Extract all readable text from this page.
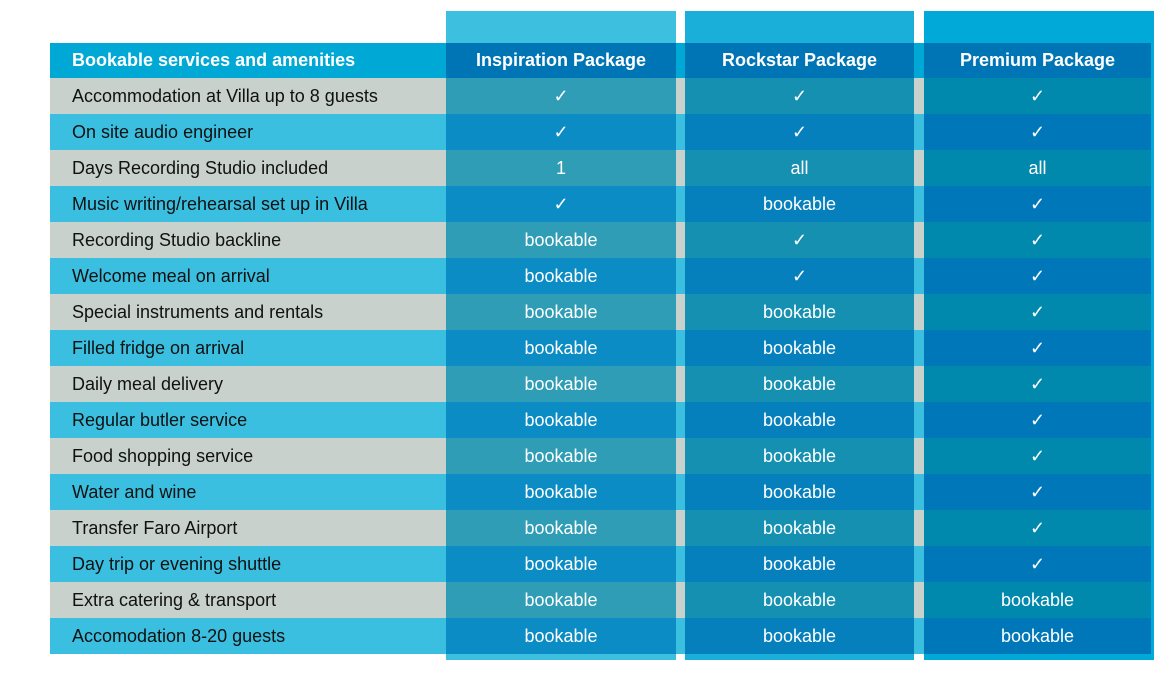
Bookable services and amenities	Inspiration Package	Rockstar Package	Premium Package
Accommodation at Villa up to 8 guests	✓	✓	✓
On site audio engineer	✓	✓	✓
Days Recording Studio included	1	all	all
Music writing/rehearsal set up in Villa	✓	bookable	✓
Recording Studio backline	bookable	✓	✓
Welcome meal on arrival	bookable	✓	✓
Special instruments and rentals	bookable	bookable	✓
Filled fridge on arrival	bookable	bookable	✓
Daily meal delivery	bookable	bookable	✓
Regular butler service	bookable	bookable	✓
Food shopping service	bookable	bookable	✓
Water and wine	bookable	bookable	✓
Transfer Faro Airport	bookable	bookable	✓
Day trip or evening shuttle	bookable	bookable	✓
Extra catering & transport	bookable	bookable	bookable
Accomodation 8-20 guests	bookable	bookable	bookable
